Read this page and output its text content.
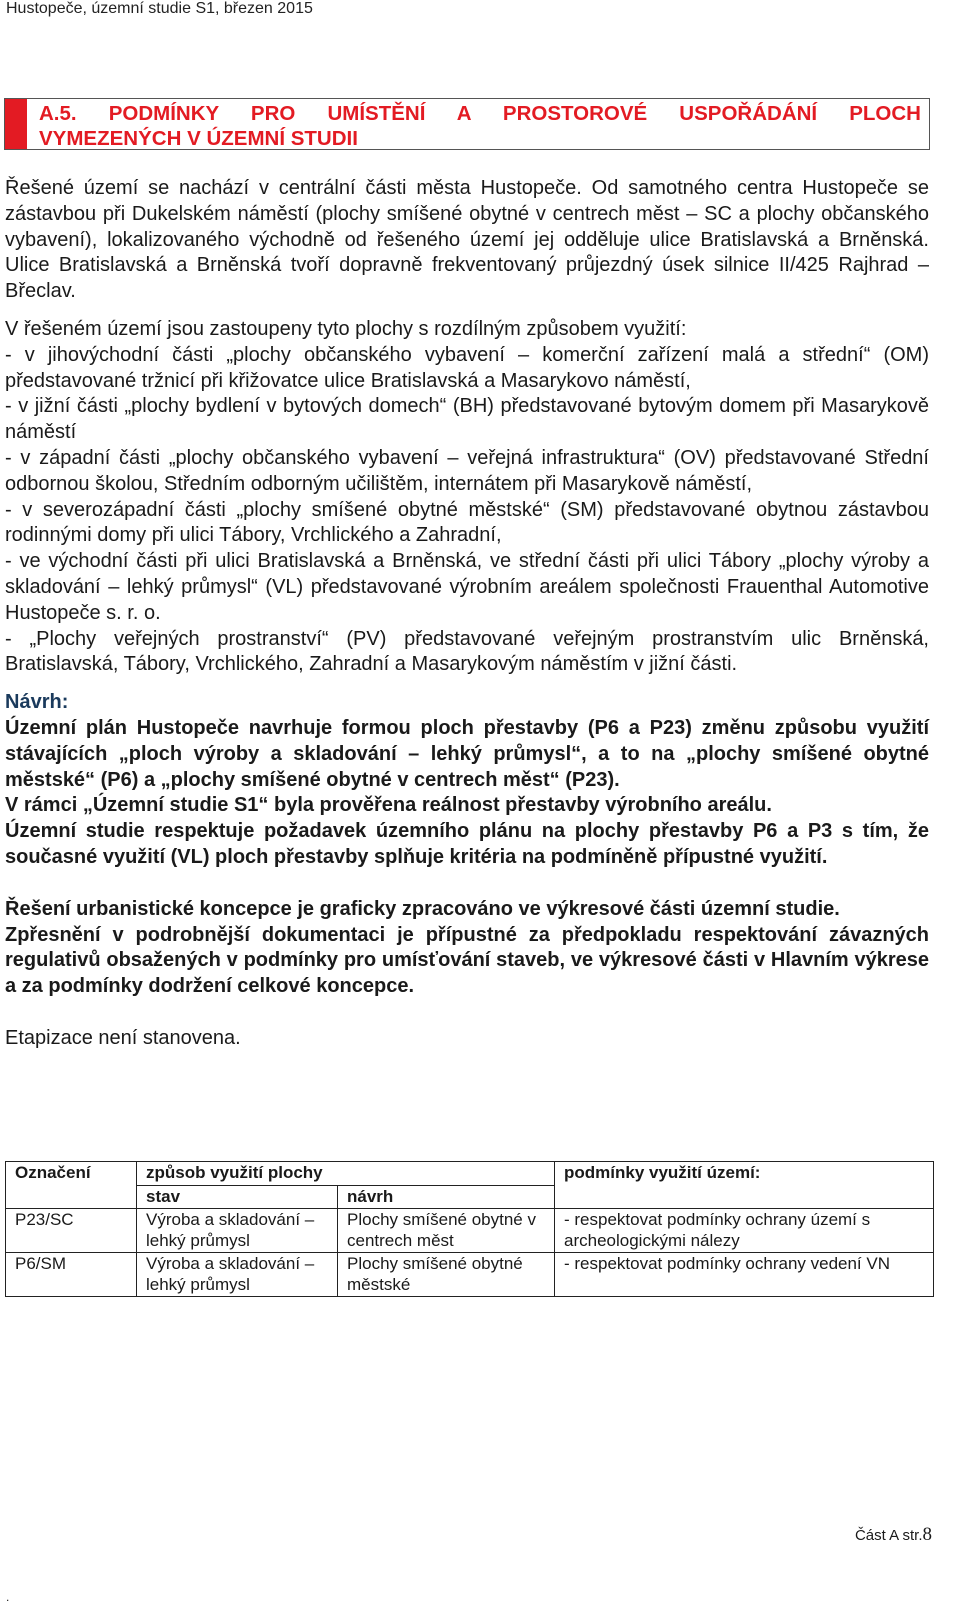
Hustopeče, územní studie S1, březen 2015
A.5. PODMÍNKY PRO UMÍSTĚNÍ A PROSTOROVÉ USPOŘÁDÁNÍ PLOCH
VYMEZENÝCH V ÚZEMNÍ STUDII

Řešené území se nachází v centrální části města Hustopeče. Od samotného centra Hustopeče se zástavbou při Dukelském náměstí (plochy smíšené obytné v centrech měst – SC a plochy občanského vybavení), lokalizovaného východně od řešeného území jej odděluje ulice Bratislavská a Brněnská. Ulice Bratislavská a Brněnská tvoří dopravně frekventovaný průjezdný úsek silnice II/425 Rajhrad – Břeclav.

V řešeném území jsou zastoupeny tyto plochy s rozdílným způsobem využití:

- v jihovýchodní části „plochy občanského vybavení – komerční zařízení malá a střední“ (OM) představované tržnicí při křižovatce ulice Bratislavská a Masarykovo náměstí,

- v jižní části „plochy bydlení v bytových domech“ (BH) představované bytovým domem při Masarykově náměstí

- v západní části „plochy občanského vybavení – veřejná infrastruktura“ (OV) představované Střední odbornou školou, Středním odborným učilištěm, internátem při Masarykově náměstí,

- v severozápadní části „plochy smíšené obytné městské“ (SM) představované obytnou zástavbou rodinnými domy při ulici Tábory, Vrchlického a Zahradní,

- ve východní části při ulici Bratislavská a Brněnská, ve střední části při ulici Tábory „plochy výroby a skladování – lehký průmysl“ (VL) představované výrobním areálem společnosti Frauenthal Automotive Hustopeče s. r. o.

- „Plochy veřejných prostranství“ (PV) představované veřejným prostranstvím ulic Brněnská, Bratislavská, Tábory, Vrchlického, Zahradní a Masarykovým náměstím v jižní části.

Návrh:

Územní plán Hustopeče navrhuje formou ploch přestavby (P6 a P23) změnu způsobu využití stávajících „ploch výroby a skladování – lehký průmysl“, a to na „plochy smíšené obytné městské“ (P6) a „plochy smíšené obytné v centrech měst“ (P23).

V rámci „Územní studie S1“ byla prověřena reálnost přestavby výrobního areálu.

Územní studie respektuje požadavek územního plánu na plochy přestavby P6 a P3 s tím, že současné využití (VL) ploch přestavby splňuje kritéria na podmíněně přípustné využití.

Řešení urbanistické koncepce je graficky zpracováno ve výkresové části územní studie.

Zpřesnění v podrobnější dokumentaci je přípustné za předpokladu respektování závazných regulativů obsažených v podmínky pro umísťování staveb, ve výkresové části v Hlavním výkrese a za podmínky dodržení celkové koncepce.

Etapizace není stanovena.

Označení	způsob využití plochy		podmínky využití území:
	stav	návrh	
P23/SC	Výroba a skladování – lehký průmysl	Plochy smíšené obytné v centrech měst	- respektovat podmínky ochrany území s archeologickými nálezy
P6/SM	Výroba a skladování – lehký průmysl	Plochy smíšené obytné městské	- respektovat podmínky ochrany vedení VN
Část A str.8
.
